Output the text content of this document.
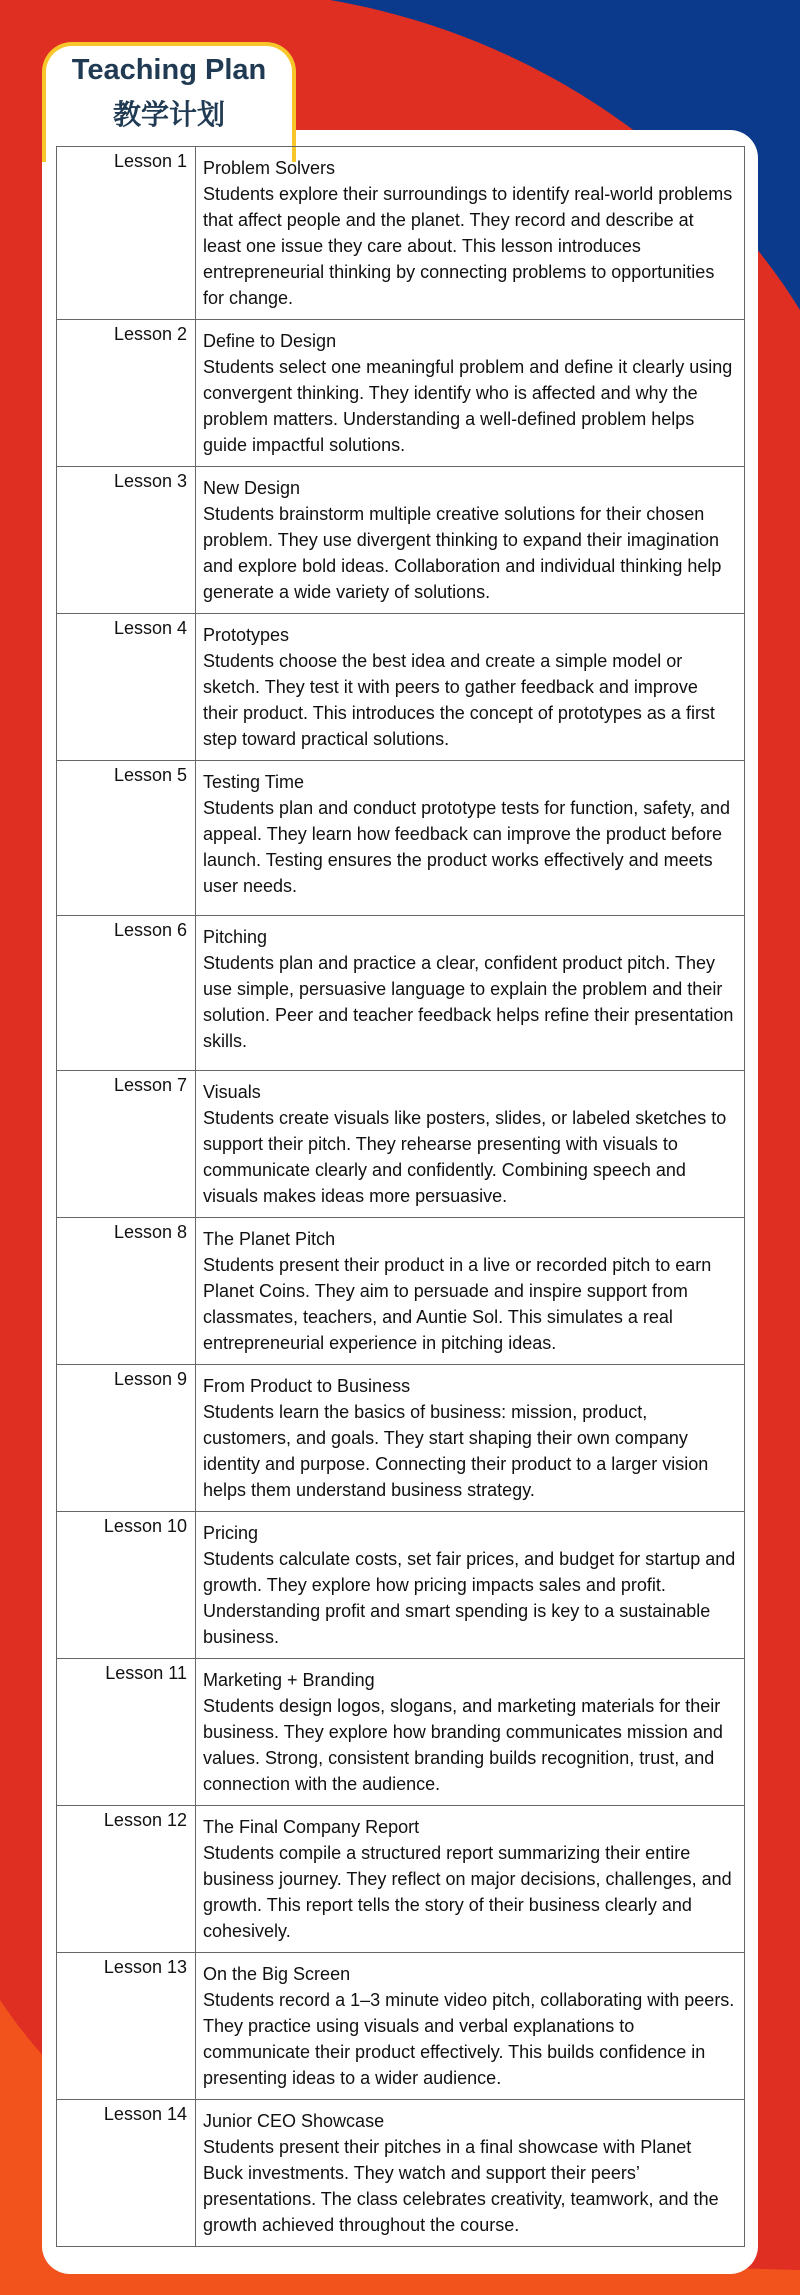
Teaching Plan
教学计划
Lesson 1	Problem Solvers
Students explore their surroundings to identify real-world problems that affect people and the planet. They record and describe at least one issue they care about. This lesson introduces entrepreneurial thinking by connecting problems to opportunities for change.

Lesson 2	Define to Design
Students select one meaningful problem and define it clearly using convergent thinking. They identify who is affected and why the problem matters. Understanding a well-defined problem helps guide impactful solutions.

Lesson 3	New Design
Students brainstorm multiple creative solutions for their chosen problem. They use divergent thinking to expand their imagination and explore bold ideas. Collaboration and individual thinking help generate a wide variety of solutions.

Lesson 4	Prototypes
Students choose the best idea and create a simple model or sketch. They test it with peers to gather feedback and improve their product. This introduces the concept of prototypes as a first step toward practical solutions.

Lesson 5	Testing Time
Students plan and conduct prototype tests for function, safety, and appeal. They learn how feedback can improve the product before launch. Testing ensures the product works effectively and meets user needs.

Lesson 6	Pitching
Students plan and practice a clear, confident product pitch. They use simple, persuasive language to explain the problem and their solution. Peer and teacher feedback helps refine their presentation skills.

Lesson 7	Visuals
Students create visuals like posters, slides, or labeled sketches to support their pitch. They rehearse presenting with visuals to communicate clearly and confidently. Combining speech and visuals makes ideas more persuasive.

Lesson 8	The Planet Pitch
Students present their product in a live or recorded pitch to earn Planet Coins. They aim to persuade and inspire support from classmates, teachers, and Auntie Sol. This simulates a real entrepreneurial experience in pitching ideas.

Lesson 9	From Product to Business
Students learn the basics of business: mission, product, customers, and goals. They start shaping their own company identity and purpose. Connecting their product to a larger vision helps them understand business strategy.

Lesson 10	Pricing
Students calculate costs, set fair prices, and budget for startup and growth. They explore how pricing impacts sales and profit. Understanding profit and smart spending is key to a sustainable business.

Lesson 11	Marketing + Branding
Students design logos, slogans, and marketing materials for their business. They explore how branding communicates mission and values. Strong, consistent branding builds recognition, trust, and connection with the audience.

Lesson 12	The Final Company Report
Students compile a structured report summarizing their entire business journey. They reflect on major decisions, challenges, and growth. This report tells the story of their business clearly and cohesively.

Lesson 13	On the Big Screen
Students record a 1–3 minute video pitch, collaborating with peers. They practice using visuals and verbal explanations to communicate their product effectively. This builds confidence in presenting ideas to a wider audience.

Lesson 14	Junior CEO Showcase
Students present their pitches in a final showcase with Planet Buck investments. They watch and support their peers’ presentations. The class celebrates creativity, teamwork, and the growth achieved throughout the course.
